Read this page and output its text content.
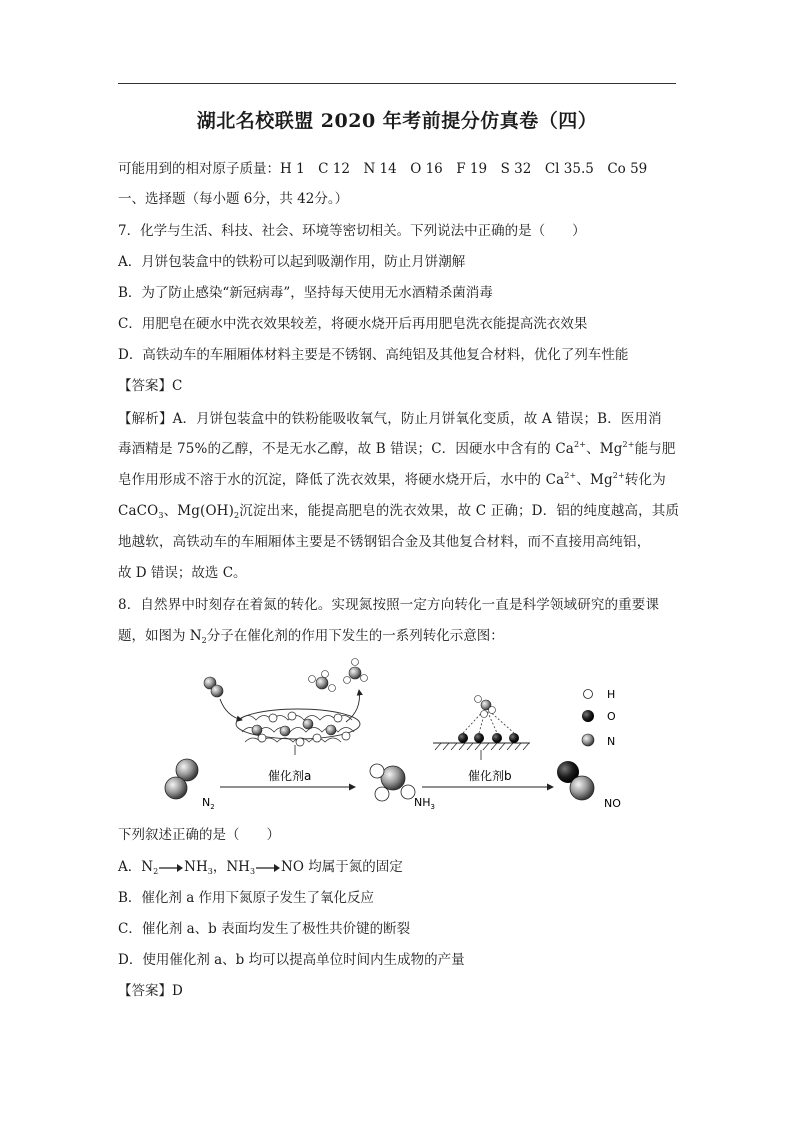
湖北名校联盟 2020 年考前提分仿真卷（四）
可能用到的相对原子质量：H 1　C 12　N 14　O 16　F 19　S 32　Cl 35.5　Co 59
一、选择题（每小题 6分，共 42分。）
7．化学与生活、科技、社会、环境等密切相关。下列说法中正确的是（　　）
A．月饼包装盒中的铁粉可以起到吸潮作用，防止月饼潮解
B．为了防止感染“新冠病毒”，坚持每天使用无水酒精杀菌消毒
C．用肥皂在硬水中洗衣效果较差，将硬水烧开后再用肥皂洗衣能提高洗衣效果
D．高铁动车的车厢厢体材料主要是不锈钢、高纯铝及其他复合材料，优化了列车性能
【答案】C
【解析】A．月饼包装盒中的铁粉能吸收氧气，防止月饼氧化变质，故 A 错误；B．医用消
毒酒精是 75%的乙醇，不是无水乙醇，故 B 错误；C．因硬水中含有的 $Ca^{2+}$、$Mg^{2+}$能与肥
皂作用形成不溶于水的沉淀，降低了洗衣效果，将硬水烧开后，水中的 $Ca^{2+}$、$Mg^{2+}$转化为
CaCO$_3$、$Mg(OH)_2$沉淀出来，能提高肥皂的洗衣效果，故 C 正确；D．铝的纯度越高，其质
地越软，高铁动车的车厢厢体主要是不锈钢铝合金及其他复合材料，而不直接用高纯铝，
故 D 错误；故选 C。
8．自然界中时刻存在着氮的转化。实现氮按照一定方向转化一直是科学领域研究的重要课
题，如图为 $N_2$分子在催化剂的作用下发生的一系列转化示意图：
$N_2$
催化剂a
$NH_3$
催化剂b
NO
H
O
N
下列叙述正确的是（　　）
A．$N_2\to NH_3$，$NH_3\to NO$ 均属于氮的固定
B．催化剂 a 作用下氮原子发生了氧化反应
C．催化剂 a、b 表面均发生了极性共价键的断裂
D．使用催化剂 a、b 均可以提高单位时间内生成物的产量
【答案】D
